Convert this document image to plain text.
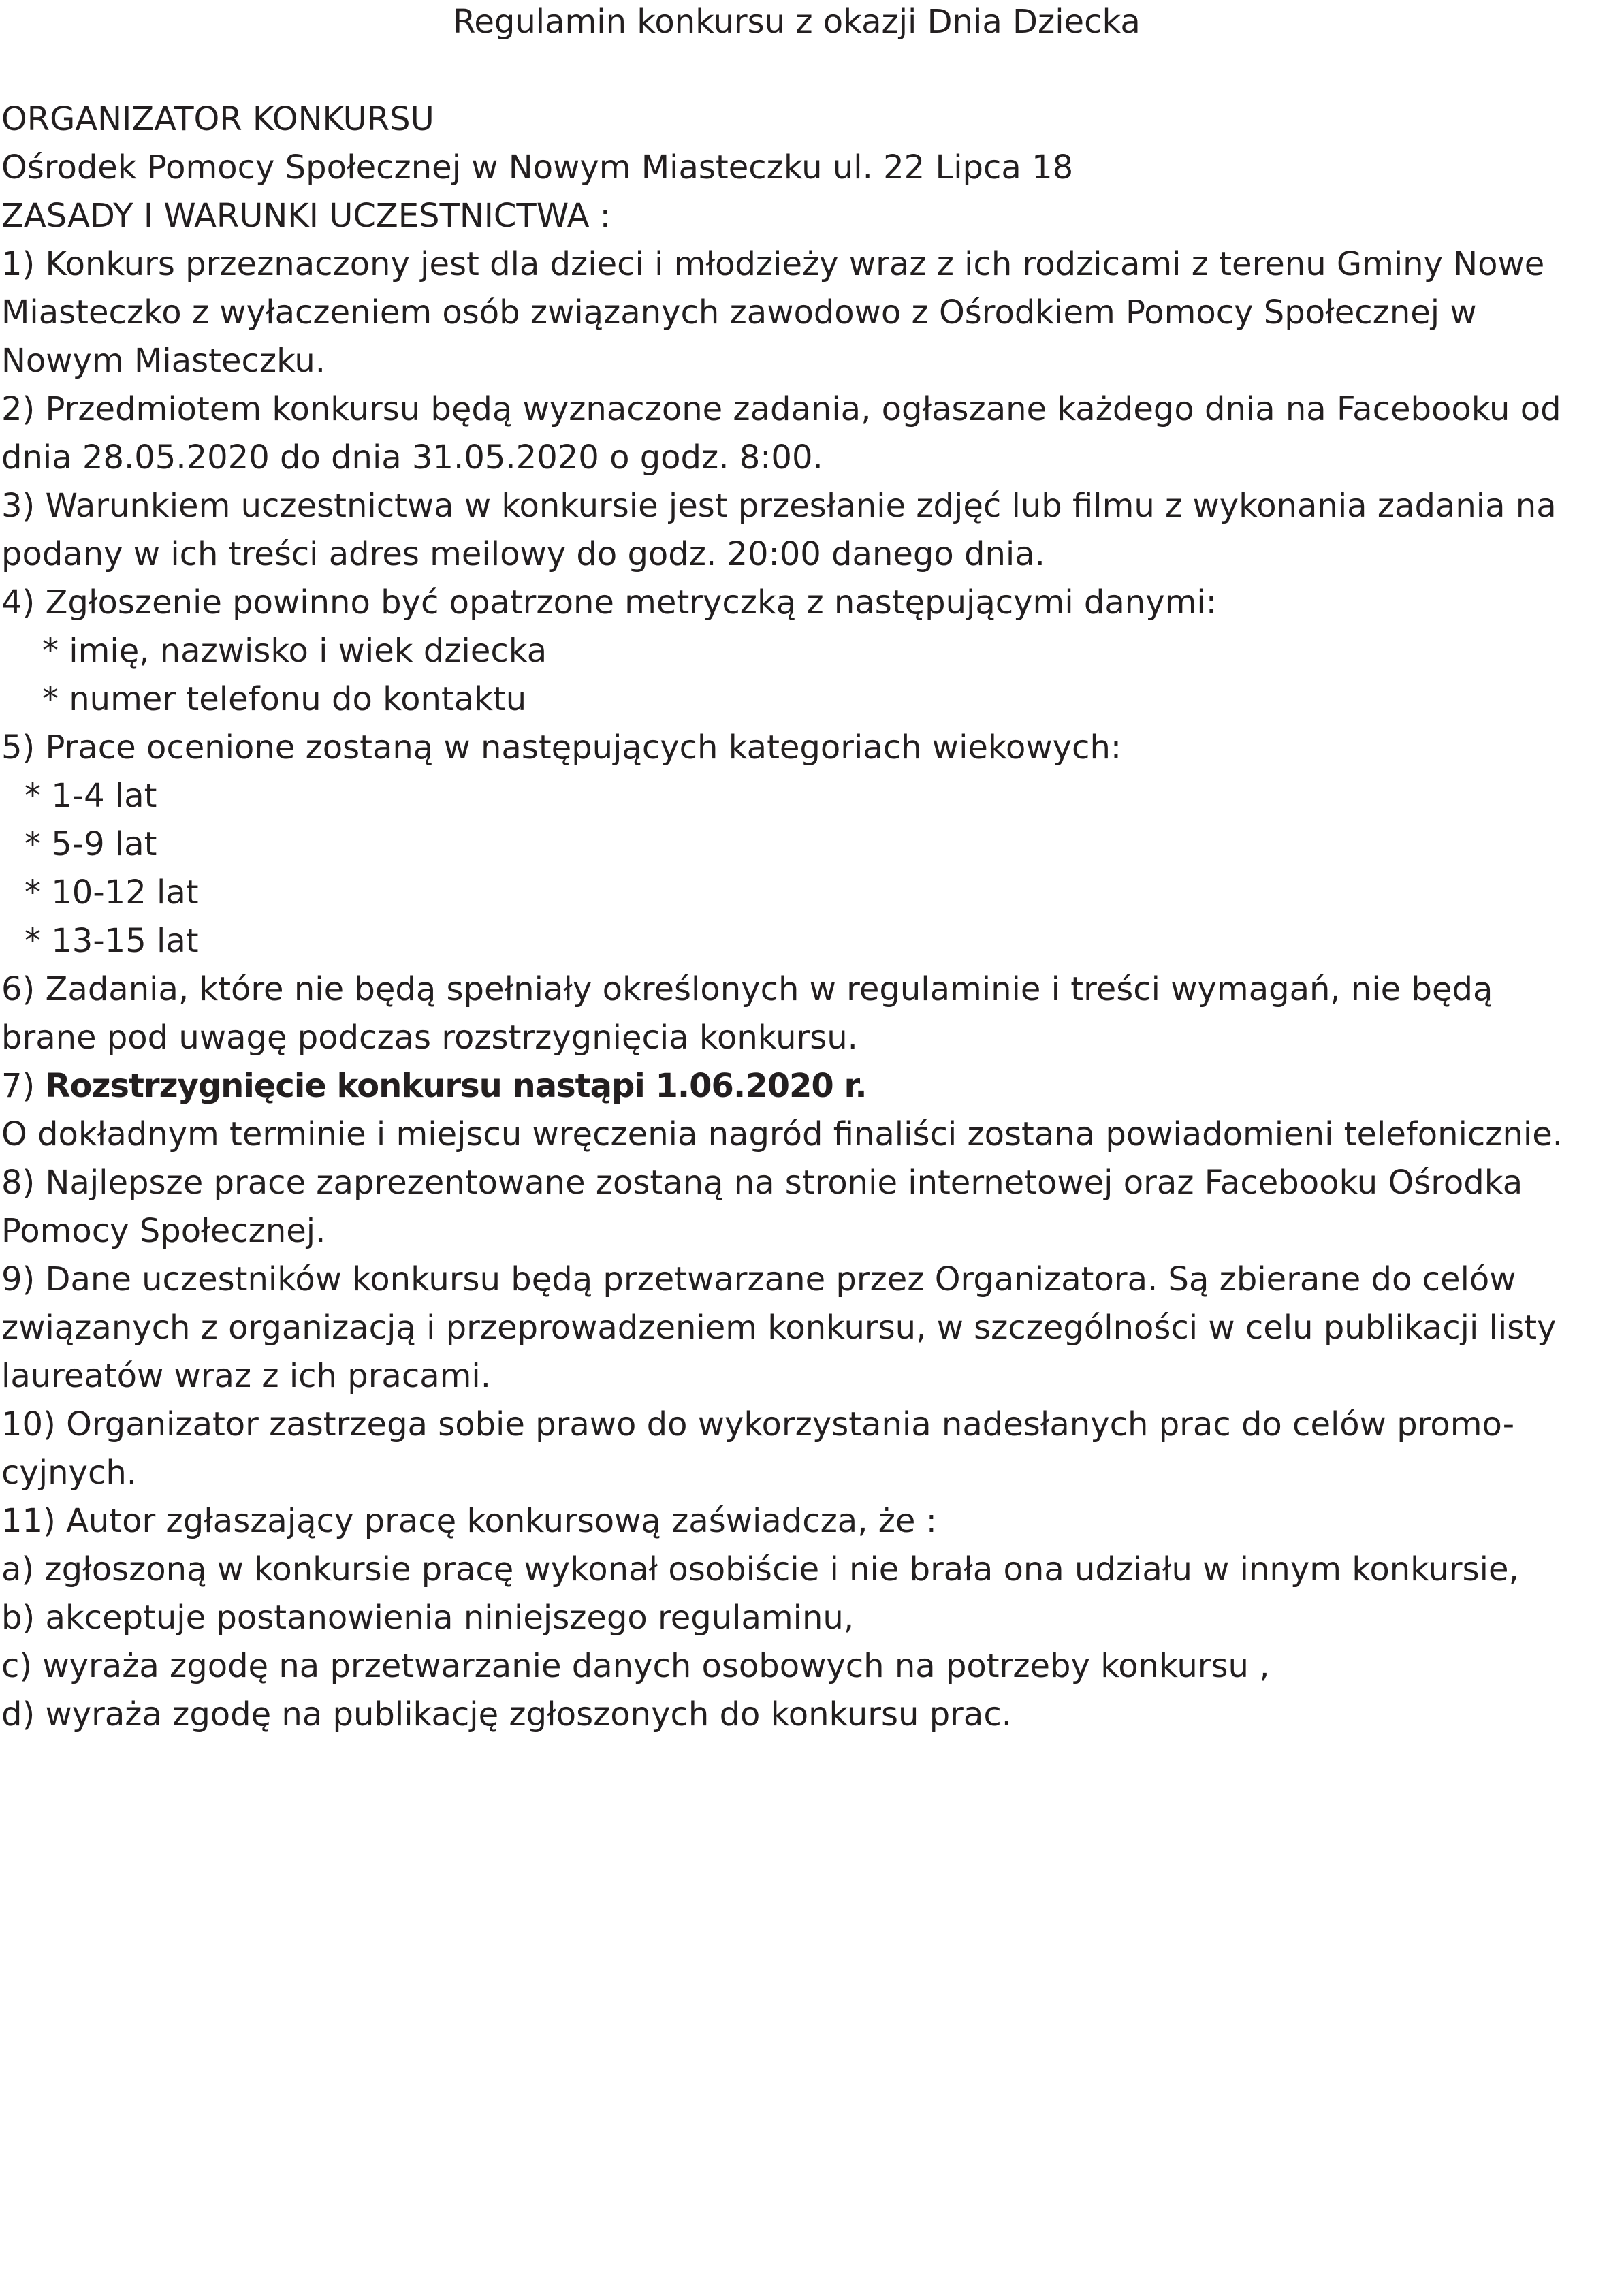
Regulamin konkursu z okazji Dnia Dziecka
ORGANIZATOR KONKURSU
Ośrodek Pomocy Społecznej w Nowym Miasteczku ul. 22 Lipca 18
ZASADY I WARUNKI UCZESTNICTWA :
1) Konkurs przeznaczony jest dla dzieci i młodzieży wraz z ich rodzicami z terenu Gminy Nowe
Miasteczko z wyłaczeniem osób związanych zawodowo z Ośrodkiem Pomocy Społecznej w
Nowym Miasteczku.
2) Przedmiotem konkursu będą wyznaczone zadania, ogłaszane każdego dnia na Facebooku od
dnia 28.05.2020 do dnia 31.05.2020 o godz. 8:00.
3) Warunkiem uczestnictwa w konkursie jest przesłanie zdjęć lub filmu z wykonania zadania na
podany w ich treści adres meilowy do godz. 20:00 danego dnia.
4) Zgłoszenie powinno być opatrzone metryczką z następującymi danymi:
* imię, nazwisko i wiek dziecka
* numer telefonu do kontaktu
5) Prace ocenione zostaną w następujących kategoriach wiekowych:
* 1-4 lat
* 5-9 lat
* 10-12 lat
* 13-15 lat
6) Zadania, które nie będą spełniały określonych w regulaminie i treści wymagań, nie będą
brane pod uwagę podczas rozstrzygnięcia konkursu.
7) Rozstrzygnięcie konkursu nastąpi 1.06.2020 r.
O dokładnym terminie i miejscu wręczenia nagród finaliści zostana powiadomieni telefonicznie.
8) Najlepsze prace zaprezentowane zostaną na stronie internetowej oraz Facebooku Ośrodka
Pomocy Społecznej.
9) Dane uczestników konkursu będą przetwarzane przez Organizatora. Są zbierane do celów
związanych z organizacją i przeprowadzeniem konkursu, w szczególności w celu publikacji listy
laureatów wraz z ich pracami.
10) Organizator zastrzega sobie prawo do wykorzystania nadesłanych prac do celów promo-
cyjnych.
11) Autor zgłaszający pracę konkursową zaświadcza, że :
a) zgłoszoną w konkursie pracę wykonał osobiście i nie brała ona udziału w innym konkursie,
b) akceptuje postanowienia niniejszego regulaminu,
c) wyraża zgodę na przetwarzanie danych osobowych na potrzeby konkursu ,
d) wyraża zgodę na publikację zgłoszonych do konkursu prac.
